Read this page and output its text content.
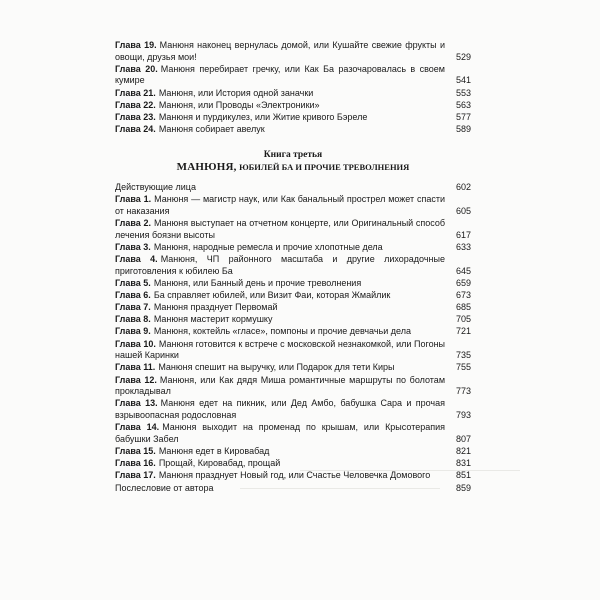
Глава 19. Манюня наконец вернулась домой, или Кушайте свежие фрукты и овощи, друзья мои!	529
Глава 20. Манюня перебирает гречку, или Как Ба разочаровалась в своем кумире	541
Глава 21. Манюня, или История одной заначки	553
Глава 22. Манюня, или Проводы «Электроники»	563
Глава 23. Манюня и пурдикулез, или Житие кривого Бэреле	577
Глава 24. Манюня собирает авелук	589
Книга третья
МАНЮНЯ, ЮБИЛЕЙ БА И ПРОЧИЕ ТРЕВОЛНЕНИЯ
Действующие лица	602
Глава 1. Манюня — магистр наук, или Как банальный прострел может спасти от наказания	605
Глава 2. Манюня выступает на отчетном концерте, или Оригинальный способ лечения боязни высоты	617
Глава 3. Манюня, народные ремесла и прочие хлопотные дела	633
Глава 4. Манюня, ЧП районного масштаба и другие лихорадочные приготовления к юбилею Ба	645
Глава 5. Манюня, или Банный день и прочие треволнения	659
Глава 6. Ба справляет юбилей, или Визит Фаи, которая Жмайлик	673
Глава 7. Манюня празднует Первомай	685
Глава 8. Манюня мастерит кормушку	705
Глава 9. Манюня, коктейль «гласе», помпоны и прочие девчачьи дела	721
Глава 10. Манюня готовится к встрече с московской незнакомкой, или Погоны нашей Каринки	735
Глава 11. Манюня спешит на выручку, или Подарок для тети Киры	755
Глава 12. Манюня, или Как дядя Миша романтичные маршруты по болотам прокладывал	773
Глава 13. Манюня едет на пикник, или Дед Амбо, бабушка Сара и прочая взрывоопасная родословная	793
Глава 14. Манюня выходит на променад по крышам, или Крысотерапия бабушки Забел	807
Глава 15. Манюня едет в Кировабад	821
Глава 16. Прощай, Кировабад, прощай	831
Глава 17. Манюня празднует Новый год, или Счастье Человечка Домового	851
Послесловие от автора	859
